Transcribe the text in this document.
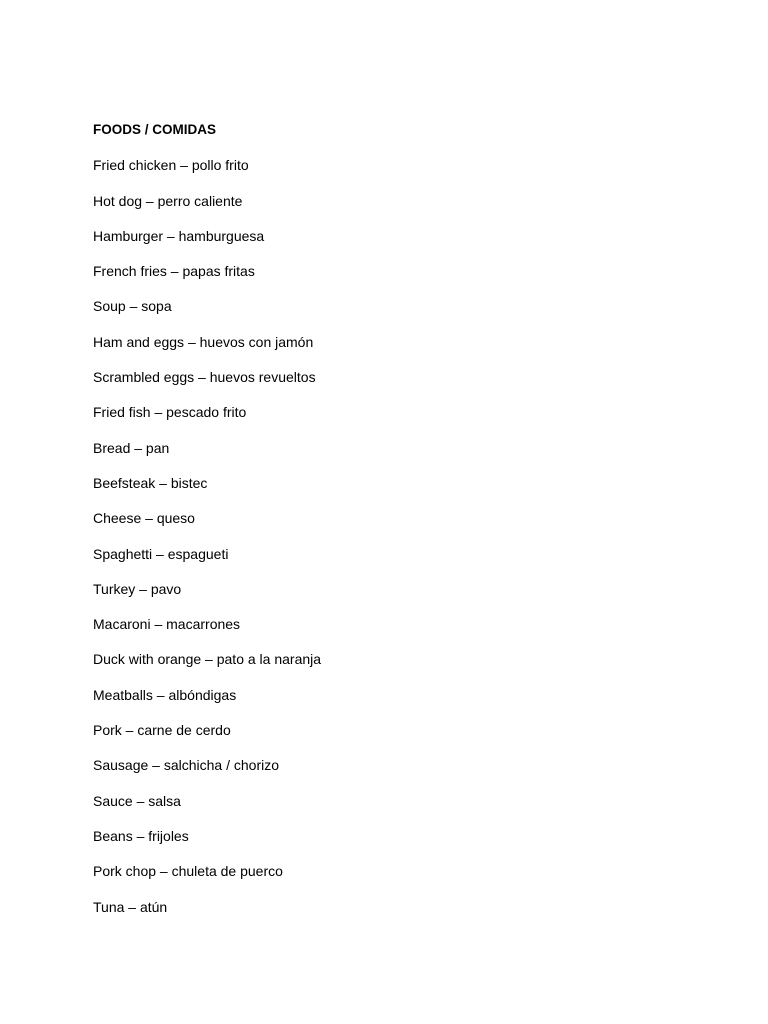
FOODS / COMIDAS
Fried chicken – pollo frito
Hot dog – perro caliente
Hamburger – hamburguesa
French fries – papas fritas
Soup – sopa
Ham and eggs – huevos con jamón
Scrambled eggs – huevos revueltos
Fried fish – pescado frito
Bread – pan
Beefsteak – bistec
Cheese – queso
Spaghetti – espagueti
Turkey – pavo
Macaroni – macarrones
Duck with orange – pato a la naranja
Meatballs – albóndigas
Pork – carne de cerdo
Sausage – salchicha / chorizo
Sauce – salsa
Beans – frijoles
Pork chop – chuleta de puerco
Tuna – atún
